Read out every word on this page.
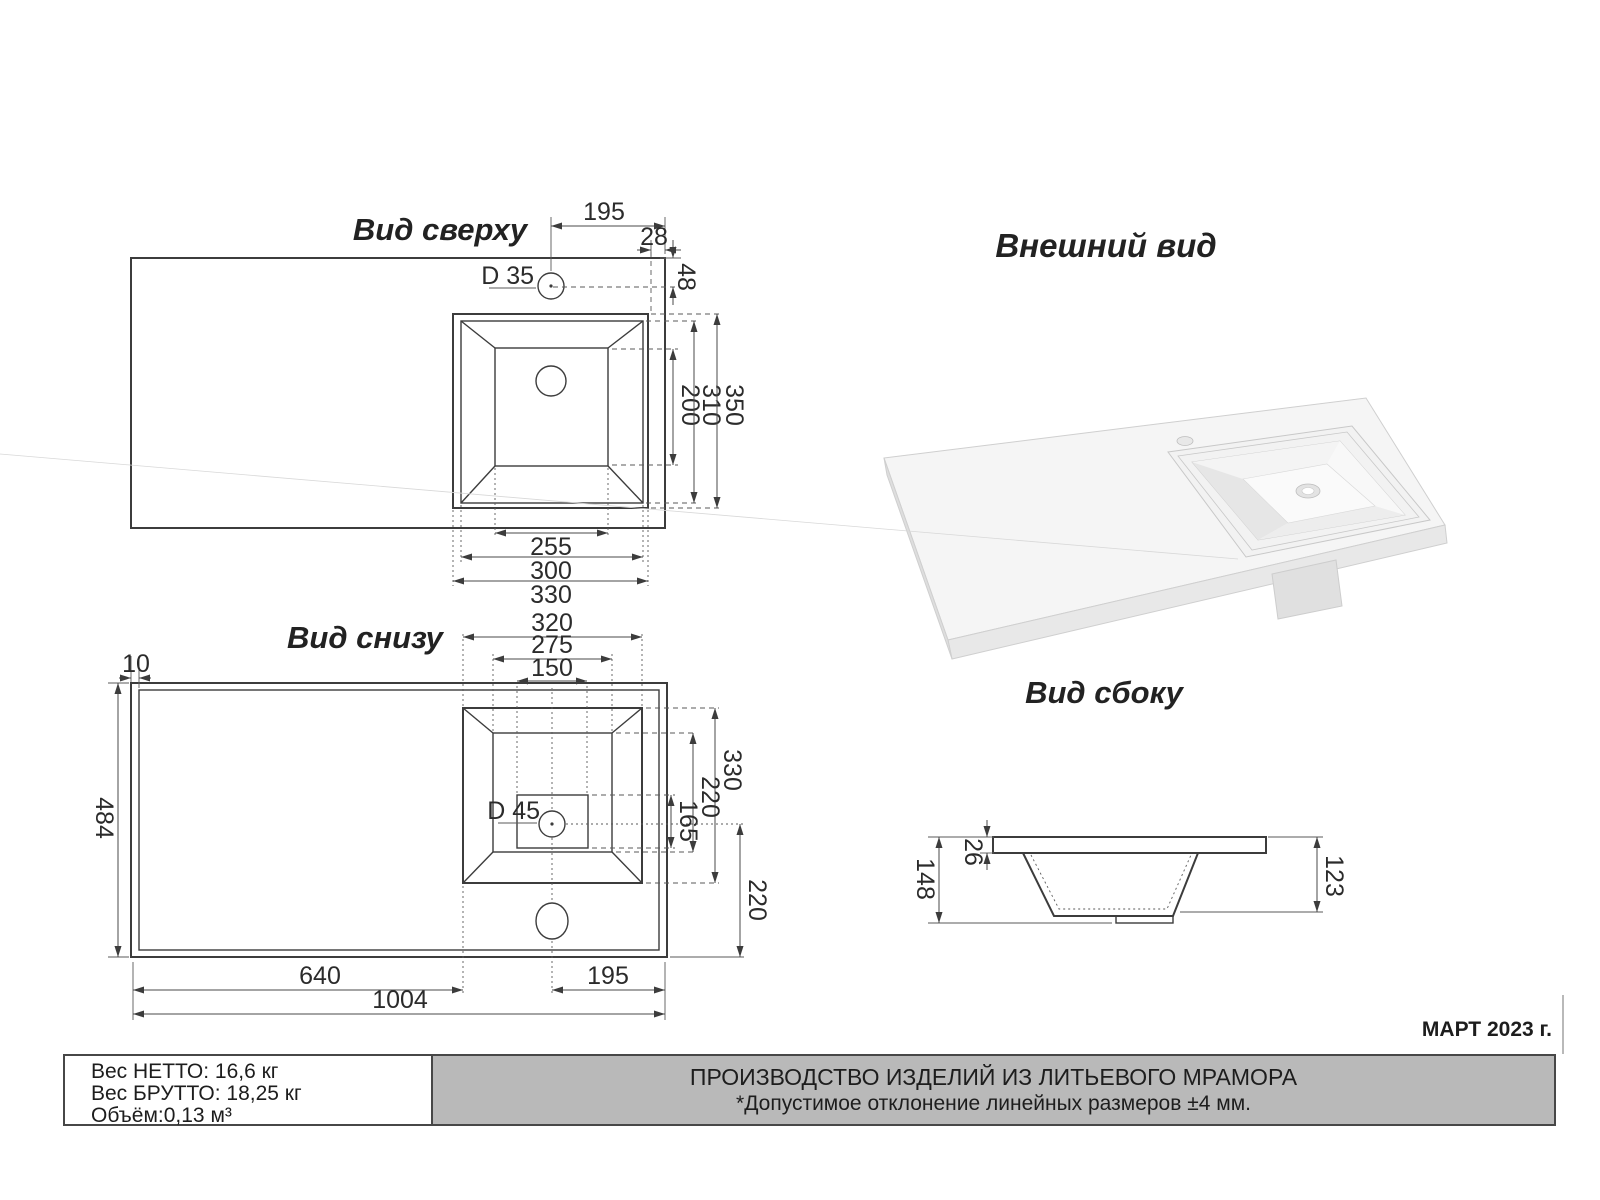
Вид сверху
D 35
195
28
48
200
310
350
255
300
330
Вид снизу
D 45
10
484
320
275
150
330
220
165
220
640	195
1004
Внешний вид
Вид сбоку
148
26
123
МАРТ 2023 г.
Вес НЕТТО: 16,6 кг
Вес БРУТТО: 18,25 кг
Объём:0,13 м³
ПРОИЗВОДСТВО ИЗДЕЛИЙ ИЗ ЛИТЬЕВОГО МРАМОРА
*Допустимое отклонение линейных размеров ±4 мм.
